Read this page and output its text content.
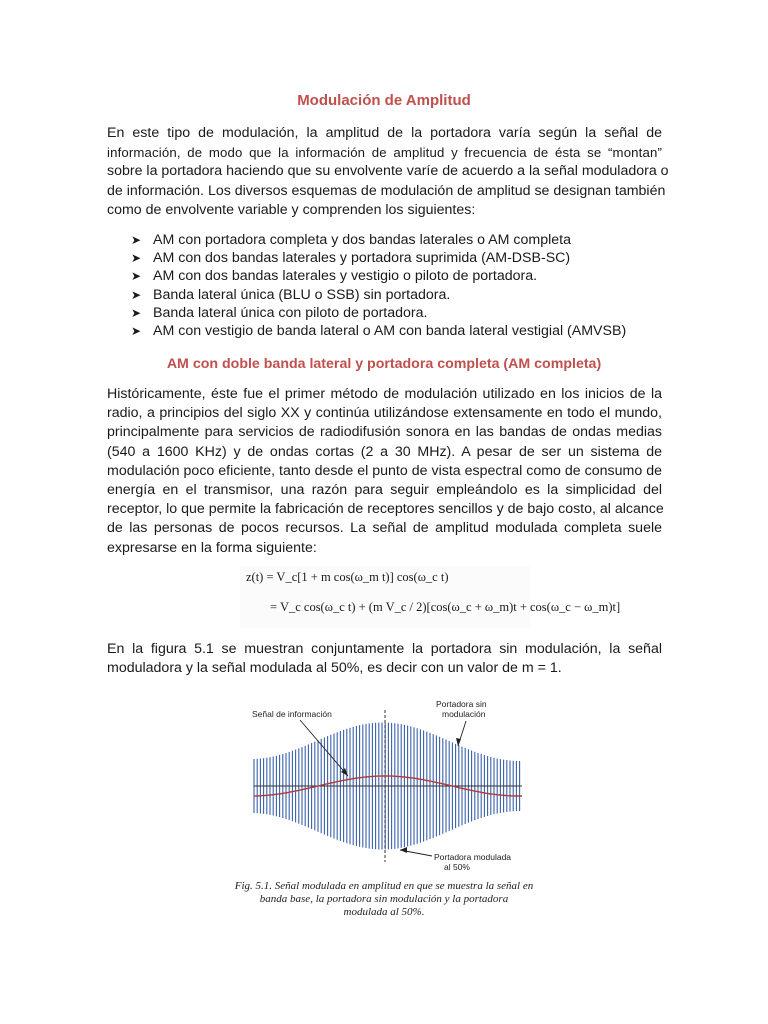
Modulación de Amplitud

En este tipo de modulación, la amplitud de la portadora varía según la señal de
información, de modo que la información de amplitud y frecuencia de ésta se “montan”
sobre la portadora haciendo que su envolvente varíe de acuerdo a la señal moduladora o
de información. Los diversos esquemas de modulación de amplitud se designan también
como de envolvente variable y comprenden los siguientes:

➤ AM con portadora completa y dos bandas laterales o AM completa
➤ AM con dos bandas laterales y portadora suprimida (AM-DSB-SC)
➤ AM con dos bandas laterales y vestigio o piloto de portadora.
➤ Banda lateral única (BLU o SSB) sin portadora.
➤ Banda lateral única con piloto de portadora.
➤ AM con vestigio de banda lateral o AM con banda lateral vestigial (AMVSB)
AM con doble banda lateral y portadora completa (AM completa)

Históricamente, éste fue el primer método de modulación utilizado en los inicios de la
radio, a principios del siglo XX y continúa utilizándose extensamente en todo el mundo,
principalmente para servicios de radiodifusión sonora en las bandas de ondas medias
(540 a 1600 KHz) y de ondas cortas (2 a 30 MHz). A pesar de ser un sistema de
modulación poco eficiente, tanto desde el punto de vista espectral como de consumo de
energía en el transmisor, una razón para seguir empleándolo es la simplicidad del
receptor, lo que permite la fabricación de receptores sencillos y de bajo costo, al alcance
de las personas de pocos recursos. La señal de amplitud modulada completa suele
expresarse en la forma siguiente:

z(t) = V_c[1 + m cos(ω_m t)] cos(ω_c t)
= V_c cos(ω_c t) + (m V_c / 2)[cos(ω_c + ω_m)t + cos(ω_c − ω_m)t]

En la figura 5.1 se muestran conjuntamente la portadora sin modulación, la señal
moduladora y la señal modulada al 50%, es decir con un valor de m = 1.

Señal de información
Portadora sin
modulación
Portadora modulada
al 50%
Fig. 5.1. Señal modulada en amplitud en que se muestra la señal en
banda base, la portadora sin modulación y la portadora
modulada al 50%.
